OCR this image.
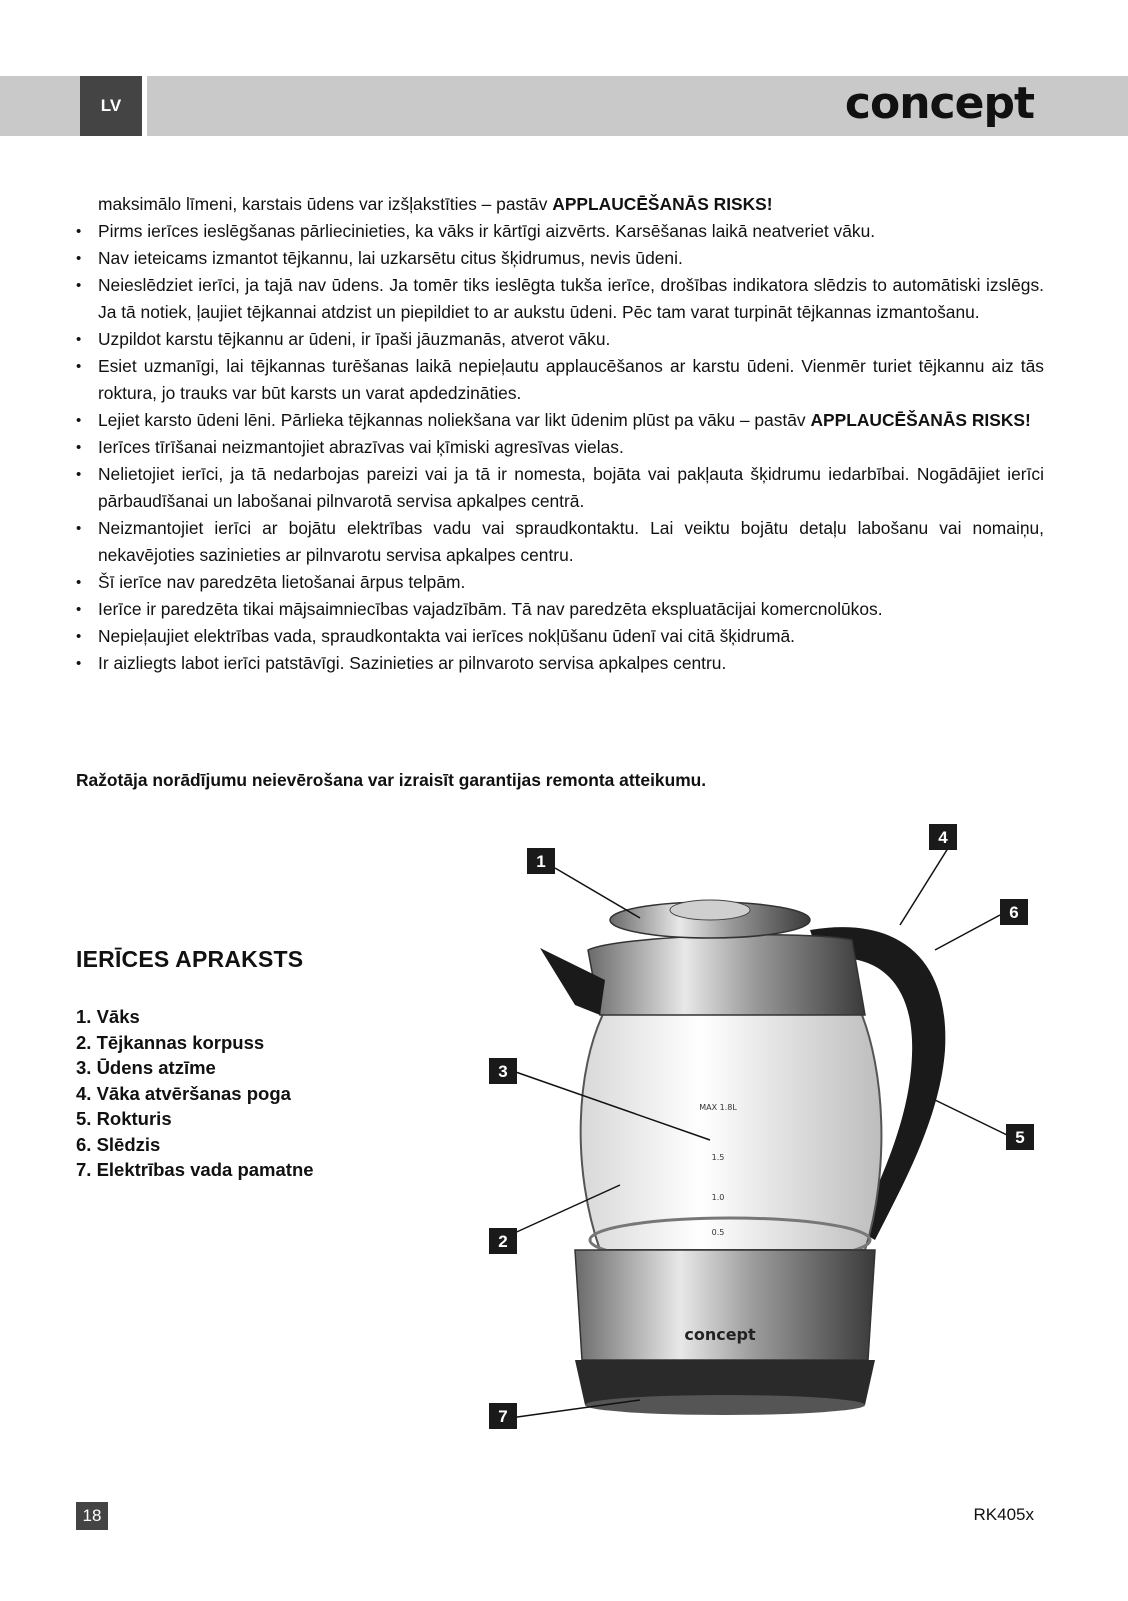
LV	concept

maksimālo līmeni, karstais ūdens var izšļakstīties – pastāv APPLAUCĒŠANĀS RISKS!

• Pirms ierīces ieslēgšanas pārliecinieties, ka vāks ir kārtīgi aizvērts. Karsēšanas laikā neatveriet vāku.
• Nav ieteicams izmantot tējkannu, lai uzkarsētu citus šķidrumus, nevis ūdeni.
• Neieslēdziet ierīci, ja tajā nav ūdens. Ja tomēr tiks ieslēgta tukša ierīce, drošības indikatora slēdzis to automātiski izslēgs. Ja tā notiek, ļaujiet tējkannai atdzist un piepildiet to ar aukstu ūdeni. Pēc tam varat turpināt tējkannas izmantošanu.
• Uzpildot karstu tējkannu ar ūdeni, ir īpaši jāuzmanās, atverot vāku.
• Esiet uzmanīgi, lai tējkannas turēšanas laikā nepieļautu applaucēšanos ar karstu ūdeni. Vienmēr turiet tējkannu aiz tās roktura, jo trauks var būt karsts un varat apdedzināties.
• Lejiet karsto ūdeni lēni. Pārlieka tējkannas noliekšana var likt ūdenim plūst pa vāku – pastāv APPLAUCĒŠANĀS RISKS!
• Ierīces tīrīšanai neizmantojiet abrazīvas vai ķīmiski agresīvas vielas.
• Nelietojiet ierīci, ja tā nedarbojas pareizi vai ja tā ir nomesta, bojāta vai pakļauta šķidrumu iedarbībai. Nogādājiet ierīci pārbaudīšanai un labošanai pilnvarotā servisa apkalpes centrā.
• Neizmantojiet ierīci ar bojātu elektrības vadu vai spraudkontaktu. Lai veiktu bojātu detaļu labošanu vai nomaiņu, nekavējoties sazinieties ar pilnvarotu servisa apkalpes centru.
• Šī ierīce nav paredzēta lietošanai ārpus telpām.
• Ierīce ir paredzēta tikai mājsaimniecības vajadzībām. Tā nav paredzēta ekspluatācijai komercnolūkos.
• Nepieļaujiet elektrības vada, spraudkontakta vai ierīces nokļūšanu ūdenī vai citā šķidrumā.
• Ir aizliegts labot ierīci patstāvīgi. Sazinieties ar pilnvaroto servisa apkalpes centru.
Ražotāja norādījumu neievērošana var izraisīt garantijas remonta atteikumu.
IERĪCES APRAKSTS
1. Vāks
2. Tējkannas korpuss
3. Ūdens atzīme
4. Vāka atvēršanas poga
5. Rokturis
6. Slēdzis
7. Elektrības vada pamatne
concept
MAX 1.8L
1.5
1.0
0.5
1
2
3
4
5
6
7
18	RK405x
